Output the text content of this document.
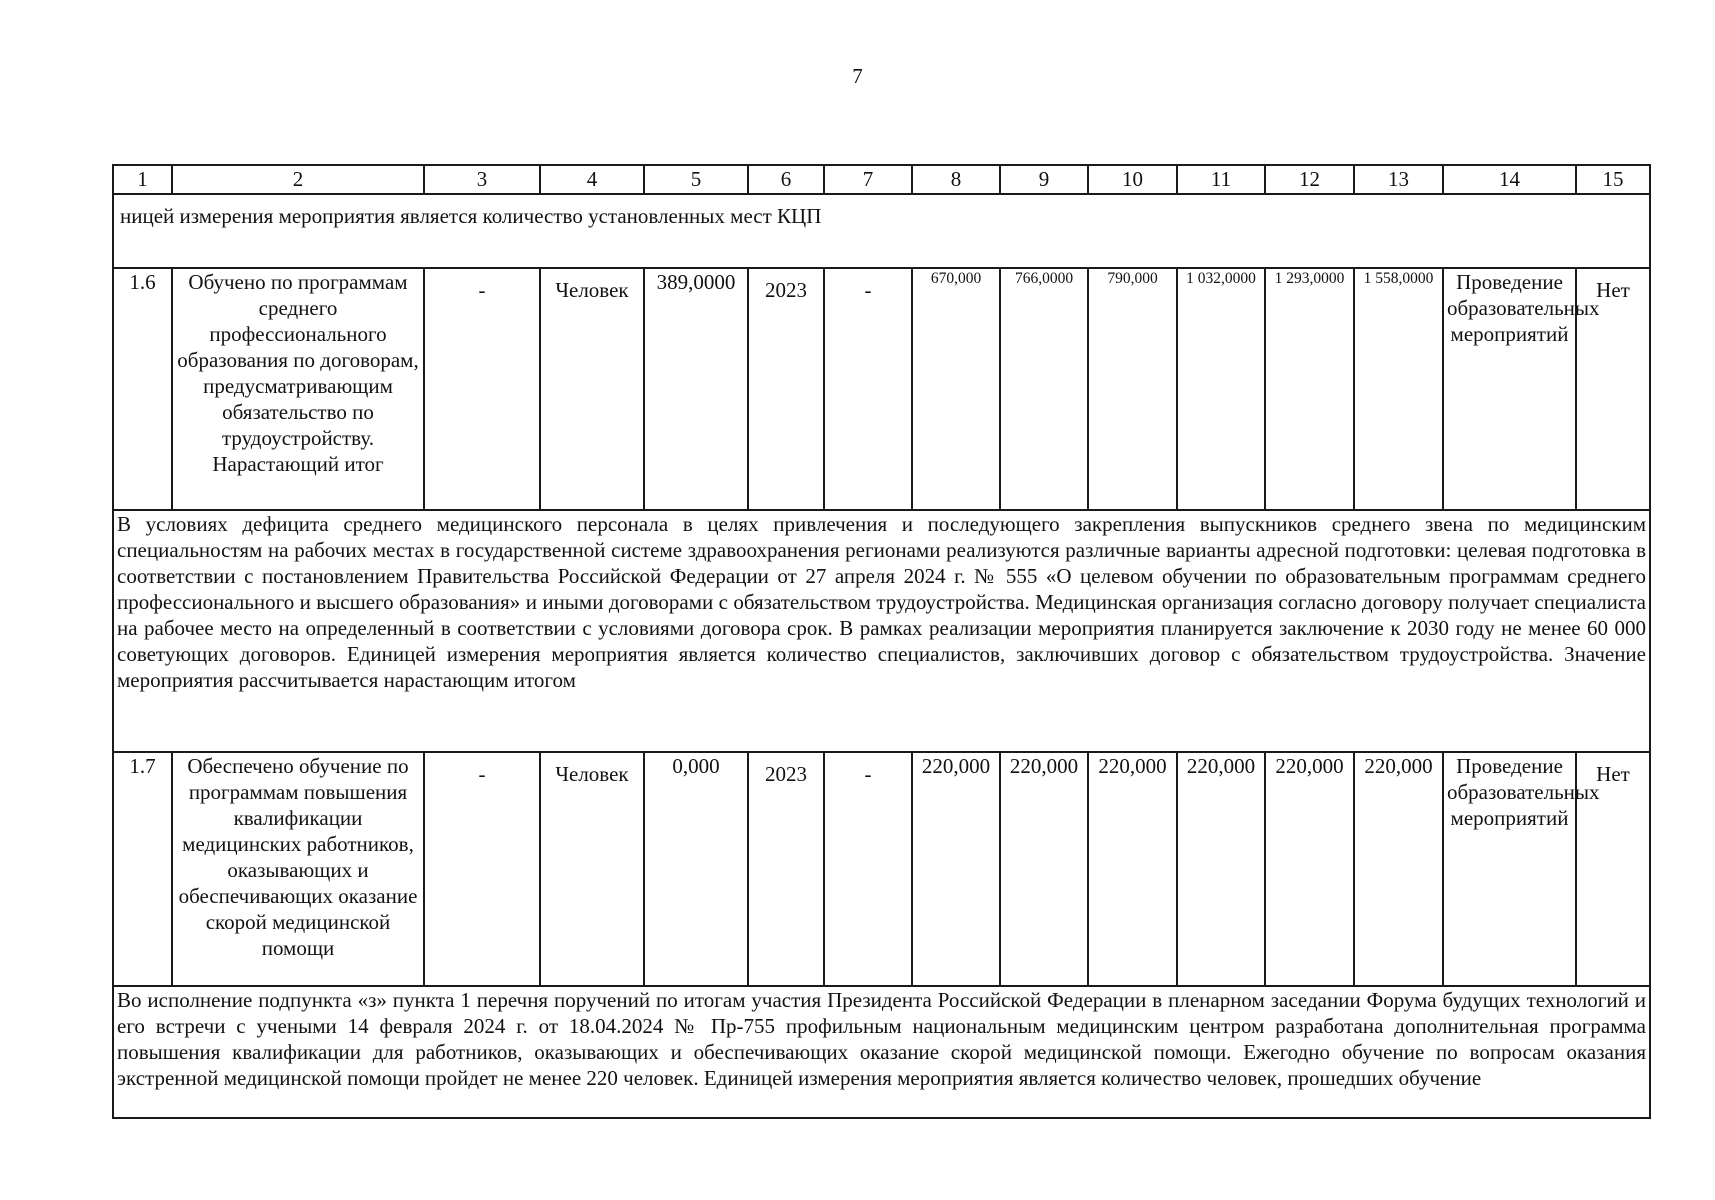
7
1	2	3	4	5	6	7	8	9	10	11	12	13	14	15
ницей измерения мероприятия является количество установленных мест КЦП														
1.6	Обучено по программам среднего профессионального образования по договорам, предусматривающим обязательство по трудоустройству. Нарастающий итог	-	Человек	389,0000	2023	-	670,000	766,0000	790,000	1 032,0000	1 293,0000	1 558,0000	Проведение образовательных мероприятий	Нет
В условиях дефицита среднего медицинского персонала в целях привлечения и последующего закрепления выпускников среднего звена по медицинским специальностям на рабочих местах в государственной системе здравоохранения регионами реализуются различные варианты адресной подготовки: целевая подготовка в соответствии с постановлением Правительства Российской Федерации от 27 апреля 2024 г. № 555 «О целевом обучении по образовательным программам среднего профессионального и высшего образования» и иными договорами с обязательством трудоустройства. Медицинская организация согласно договору получает специалиста на рабочее место на определенный в соответствии с условиями договора срок. В рамках реализации мероприятия планируется заключение к 2030 году не менее 60 000 советующих договоров. Единицей измерения мероприятия является количество специалистов, заключивших договор с обязательством трудоустройства. Значение мероприятия рассчитывается нарастающим итогом														
1.7	Обеспечено обучение по программам повышения квалификации медицинских работников, оказывающих и обеспечивающих оказание скорой медицинской помощи	-	Человек	0,000	2023	-	220,000	220,000	220,000	220,000	220,000	220,000	Проведение образовательных мероприятий	Нет
Во исполнение подпункта «з» пункта 1 перечня поручений по итогам участия Президента Российской Федерации в пленарном заседании Форума будущих технологий и его встречи с учеными 14 февраля 2024 г. от 18.04.2024 № Пр-755 профильным национальным медицинским центром разработана дополнительная программа повышения квалификации для работников, оказывающих и обеспечивающих оказание скорой медицинской помощи. Ежегодно обучение по вопросам оказания экстренной медицинской помощи пройдет не менее 220 человек. Единицей измерения мероприятия является количество человек, прошедших обучение														
